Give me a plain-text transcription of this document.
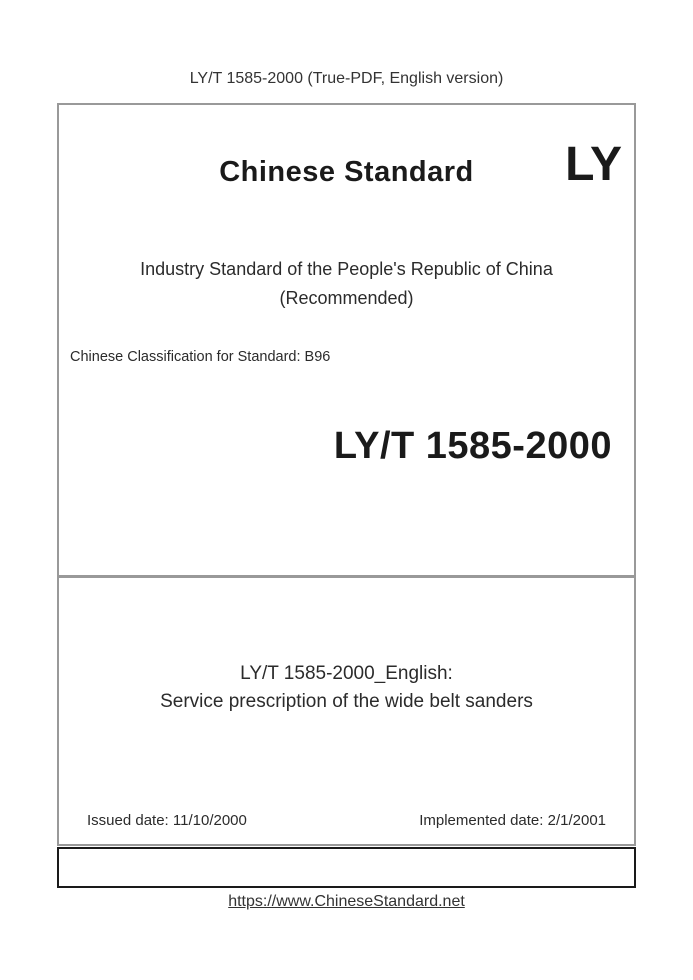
LY/T 1585-2000 (True-PDF, English version)
Chinese Standard	LY
Industry Standard of the People's Republic of China
(Recommended)
Chinese Classification for Standard: B96
LY/T 1585-2000
LY/T 1585-2000_English:
Service prescription of the wide belt sanders
Issued date: 11/10/2000	Implemented date: 2/1/2001
https://www.ChineseStandard.net
